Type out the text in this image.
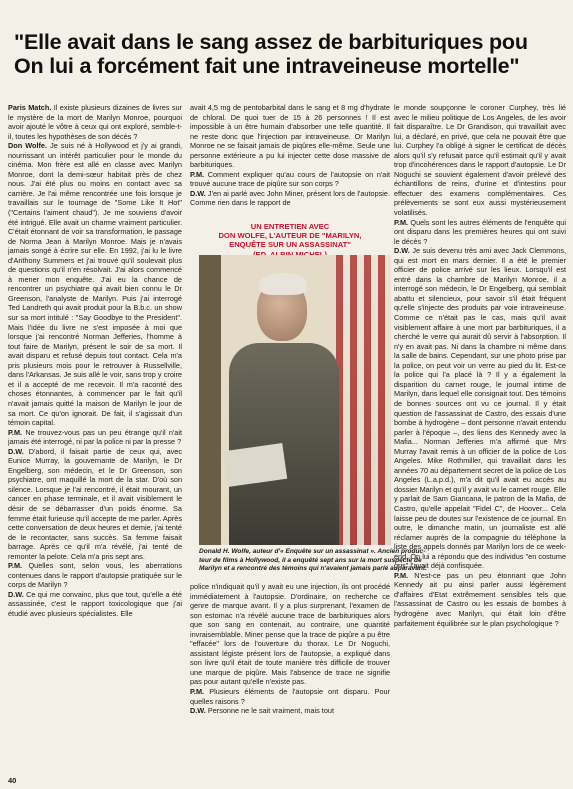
"Elle avait dans le sang assez de barbituriques pou
On lui a forcément fait une intraveineuse mortelle"

Paris Match. Il existe plusieurs dizaines de livres sur le mystère de la mort de Marilyn Monroe, pourquoi avoir ajouté le vôtre à ceux qui ont exploré, semble-t-il, toutes les hypothèses de son décès ?

Don Wolfe. Je suis né à Hollywood et j'y ai grandi, nourrissant un intérêt particulier pour le monde du cinéma. Mon frère est allé en classe avec Marilyn Monroe, dont la demi-sœur habitait près de chez nous. J'ai été plus ou moins en contact avec sa carrière. Je l'ai même rencontrée une fois lorsque je travaillais sur le tournage de "Some Like It Hot" ("Certains l'aiment chaud"). Je me souviens d'avoir été intrigué. Elle avait un charme vraiment particulier. C'était étonnant de voir sa transformation, le passage de Norma Jean à Marilyn Monroe. Mais je n'avais jamais songé à écrire sur elle. En 1992, j'ai lu le livre d'Anthony Summers et j'ai trouvé qu'il soulevait plus de questions qu'il n'en résolvait. J'ai alors commencé à mener mon enquête. J'ai eu la chance de rencontrer un psychiatre qui avait bien connu le Dr Greenson, l'analyste de Marilyn. Puis j'ai interrogé Ted Landreth qui avait produit pour la B.b.c. un show sur sa mort intitulé : "Say Goodbye to the President". Mais l'idée du livre ne s'est imposée à moi que lorsque j'ai rencontré Norman Jefferies, l'homme à tout faire de Marilyn, présent le soir de sa mort. Il avait disparu et refusé depuis tout contact. Cela m'a pris plusieurs mois pour le retrouver à Russellville, dans l'Arkansas. Je suis allé le voir, sans trop y croire et il a accepté de me recevoir. Il m'a raconté des choses étonnantes, à commencer par le fait qu'il n'avait jamais quitté la maison de Marilyn le jour de sa mort. Ce qu'on ignorait. De fait, il s'agissait d'un témoin capital.

P.M. Ne trouvez-vous pas un peu étrange qu'il n'ait jamais été interrogé, ni par la police ni par la presse ?

D.W. D'abord, il faisait partie de ceux qui, avec Eunice Murray, la gouvernante de Marilyn, le Dr Engelberg, son médecin, et le Dr Greenson, son psychiatre, ont maquillé la mort de la star. D'où son silence. Lorsque je l'ai rencontré, il était mourant, un cancer en phase terminale, et il avait visiblement le désir de se débarrasser d'un poids énorme. Sa femme était furieuse qu'il accepte de me parler. Après cette conversation de deux heures et demie, j'ai tenté de le recontacter, sans succès. Sa femme faisait barrage. Après ce qu'il m'a révélé, j'ai tenté de remonter la pelote. Cela m'a pris sept ans.

P.M. Quelles sont, selon vous, les aberrations contenues dans le rapport d'autopsie pratiquée sur le corps de Marilyn ?

D.W. Ce qui me convainc, plus que tout, qu'elle a été assassinée, c'est le rapport toxicologique que j'ai étudié avec plusieurs spécialistes. Elle

avait 4,5 mg de pentobarbital dans le sang et 8 mg d'hydrate de chloral. De quoi tuer de 15 à 26 personnes ! Il est impossible à un être humain d'absorber une telle quantité. Il ne reste donc que l'injection par intraveineuse. Or Marilyn Monroe ne se faisait jamais de piqûres elle-même. Seule une personne extérieure a pu lui injecter cette dose massive de barbituriques.

P.M. Comment expliquer qu'au cours de l'autopsie on n'ait trouvé aucune trace de piqûre sur son corps ?

D.W. J'en ai parlé avec John Miner, présent lors de l'autopsie. Comme rien dans le rapport de

UN ENTRETIEN AVEC
DON WOLFE, L'AUTEUR DE "MARILYN,
ENQUÊTE SUR UN ASSASSINAT"
Donald H. Wolfe, auteur d'« Enquête sur un assassinat ». Ancien produc-
teur de films à Hollywood, il a enquêté sept ans sur la mort suspecte de
Marilyn et a rencontré des témoins qui n'avaient jamais parlé auparavant.

police n'indiquait qu'il y avait eu une injection, ils ont procédé immédiatement à l'autopsie. D'ordinaire, on recherche ce genre de marque avant. Il y a plus surprenant, l'examen de son estomac n'a révélé aucune trace de barbituriques alors que son sang en contenait, au contraire, une quantité invraisemblable. Miner pense que la trace de piqûre a pu être "effacée" lors de l'ouverture du thorax. Le Dr Noguchi, assistant légiste présent lors de l'autopsie, a expliqué dans son livre qu'il était de toute manière très difficile de trouver une marque de piqûre. Mais l'absence de trace ne signifie pas pour autant qu'elle n'existe pas.

P.M. Plusieurs éléments de l'autopsie ont disparu. Pour quelles raisons ?

D.W. Personne ne le sait vraiment, mais tout

le monde soupçonne le coroner Curphey, très lié avec le milieu politique de Los Angeles, de les avoir fait disparaître. Le Dr Grandison, qui travaillait avec lui, a déclaré, en privé, que cela ne pouvait être que lui. Curphey l'a obligé à signer le certificat de décès alors qu'il s'y refusait parce qu'il estimait qu'il y avait trop d'incohérences dans le rapport d'autopsie. Le Dr Noguchi se souvient également d'avoir prélevé des échantillons de reins, d'urine et d'intestins pour effectuer des examens complémentaires. Ces prélèvements se sont eux aussi mystérieusement volatilisés.

P.M. Quels sont les autres éléments de l'enquête qui ont disparu dans les premières heures qui ont suivi le décès ?

D.W. Je suis devenu très ami avec Jack Clemmons, qui est mort en mars dernier. Il a été le premier officier de police arrivé sur les lieux. Lorsqu'il est entré dans la chambre de Marilyn Monroe, il a interrogé son médecin, le Dr Engelberg, qui semblait abattu et silencieux, pour savoir s'il était fréquent qu'elle s'injecte des produits par voie intraveineuse. Comme ce n'était pas le cas, mais qu'il avait visiblement affaire à une mort par barbituriques, il a cherché le verre qui aurait dû servir à l'absorption. Il n'y en avait pas. Ni dans la chambre ni même dans la salle de bains. Cependant, sur une photo prise par la police, on peut voir un verre au pied du lit. Est-ce la police qui l'a placé là ? Il y a également la disparition du carnet rouge, le journal intime de Marilyn, dans lequel elle consignait tout. Des témoins de bonnes sources ont vu ce journal. Il y était question de l'assassinat de Castro, des essais d'une bombe à hydrogène – dont personne n'avait entendu parler à l'époque –, des liens des Kennedy avec la Mafia... Norman Jefferies m'a affirmé que Mrs Murray l'avait remis à un officier de la police de Los Angeles. Mike Rothmiller, qui travaillait dans les années 70 au département secret de la police de Los Angeles (L.a.p.d.), m'a dit qu'il avait eu accès au dossier Marilyn et qu'il y avait vu le carnet rouge. Elle y parlait de Sam Giancana, le patron de la Mafia, de Castro, qu'elle appelait "Fidel C", de Hoover... Cela laisse peu de doutes sur l'existence de ce journal. En outre, le dimanche matin, un journaliste est allé réclamer auprès de la compagnie du téléphone la liste des appels donnés par Marilyn lors de ce week-end. On lui a répondu que des individus "en costume gris" l'avait déjà confisquée.

P.M. N'est-ce pas un peu étonnant que John Kennedy ait pu ainsi parler aussi légèrement d'affaires d'Etat extrêmement sensibles tels que l'assassinat de Castro ou les essais de bombes à hydrogène avec Marilyn, qui était loin d'être parfaitement équilibrée sur le plan psychologique ?

40
